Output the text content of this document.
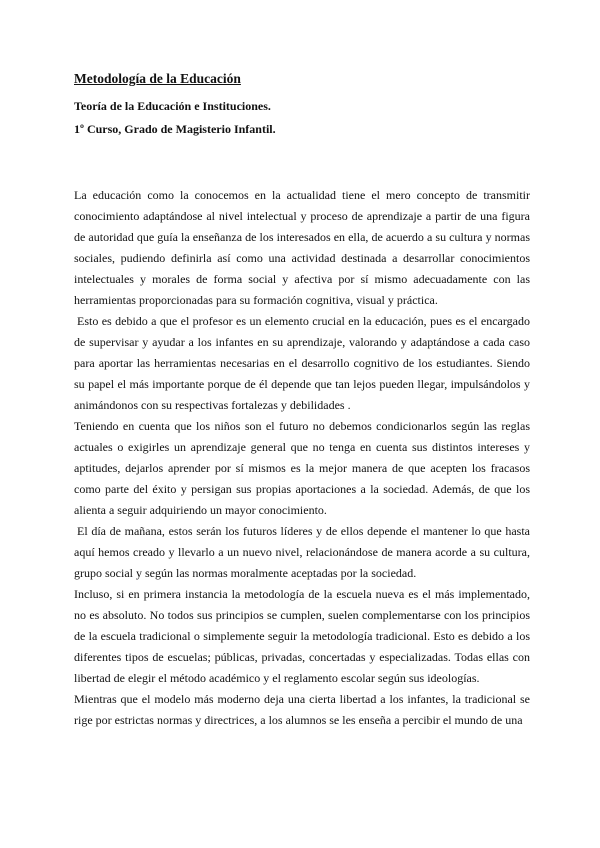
Metodología de la Educación
Teoría de la Educación e Instituciones.
1º Curso, Grado de Magisterio Infantil.

La educación como la conocemos en la actualidad tiene el mero concepto de transmitir conocimiento adaptándose al nivel intelectual y proceso de aprendizaje a partir de una figura de autoridad que guía la enseñanza de los interesados en ella, de acuerdo a su cultura y normas sociales, pudiendo definirla así como una actividad destinada a desarrollar conocimientos intelectuales y morales de forma social y afectiva por sí mismo adecuadamente con las herramientas proporcionadas para su formación cognitiva, visual y práctica.

Esto es debido a que el profesor es un elemento crucial en la educación, pues es el encargado de supervisar y ayudar a los infantes en su aprendizaje, valorando y adaptándose a cada caso para aportar las herramientas necesarias en el desarrollo cognitivo de los estudiantes. Siendo su papel el más importante porque de él depende que tan lejos pueden llegar, impulsándolos y animándonos con su respectivas fortalezas y debilidades .

Teniendo en cuenta que los niños son el futuro no debemos condicionarlos según las reglas actuales o exigirles un aprendizaje general que no tenga en cuenta sus distintos intereses y aptitudes, dejarlos aprender por sí mismos es la mejor manera de que acepten los fracasos como parte del éxito y persigan sus propias aportaciones a la sociedad. Además, de que los alienta a seguir adquiriendo un mayor conocimiento.

El día de mañana, estos serán los futuros líderes y de ellos depende el mantener lo que hasta aquí hemos creado y llevarlo a un nuevo nivel, relacionándose de manera acorde a su cultura, grupo social y según las normas moralmente aceptadas por la sociedad.

Incluso, si en primera instancia la metodología de la escuela nueva es el más implementado, no es absoluto. No todos sus principios se cumplen, suelen complementarse con los principios de la escuela tradicional o simplemente seguir la metodología tradicional. Esto es debido a los diferentes tipos de escuelas; públicas, privadas, concertadas y especializadas. Todas ellas con libertad de elegir el método académico y el reglamento escolar según sus ideologías.

Mientras que el modelo más moderno deja una cierta libertad a los infantes, la tradicional se rige por estrictas normas y directrices, a los alumnos se les enseña a percibir el mundo de una
